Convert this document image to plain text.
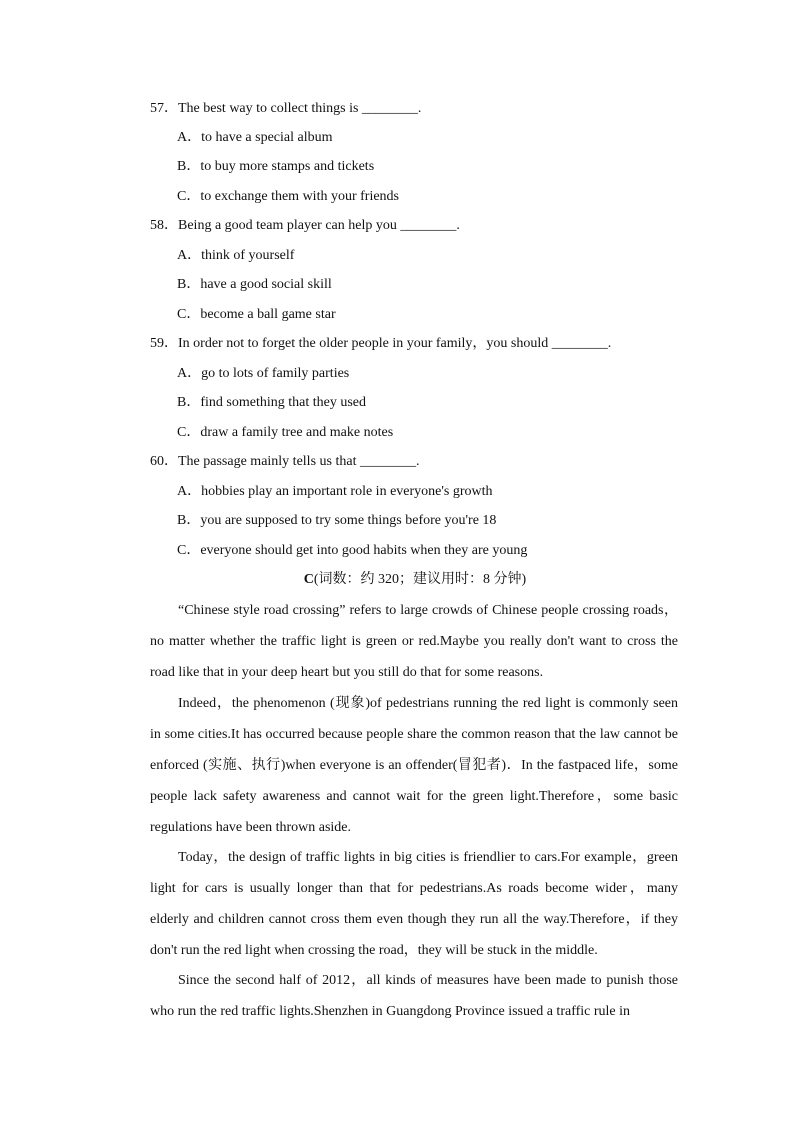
57．The best way to collect things is ________.
A．to have a special album
B．to buy more stamps and tickets
C．to exchange them with your friends
58．Being a good team player can help you ________.
A．think of yourself
B．have a good social skill
C．become a ball game star
59．In order not to forget the older people in your family，you should ________.
A．go to lots of family parties
B．find something that they used
C．draw a family tree and make notes
60．The passage mainly tells us that ________.
A．hobbies play an important role in everyone's growth
B．you are supposed to try some things before you're 18
C．everyone should get into good habits when they are young
C(词数：约 320；建议用时：8 分钟)
“Chinese style road crossing” refers to large crowds of Chinese people crossing roads，no matter whether the traffic light is green or red.Maybe you really don't want to cross the road like that in your deep heart but you still do that for some reasons.
Indeed，the phenomenon (现象)of pedestrians running the red light is commonly seen in some cities.It has occurred because people share the common reason that the law cannot be enforced (实施、执行)when everyone is an offender(冒犯者)．In the fastpaced life，some people lack safety awareness and cannot wait for the green light.Therefore，some basic regulations have been thrown aside.
Today，the design of traffic lights in big cities is friendlier to cars.For example，green light for cars is usually longer than that for pedestrians.As roads become wider，many elderly and children cannot cross them even though they run all the way.Therefore，if they don't run the red light when crossing the road，they will be stuck in the middle.
Since the second half of 2012，all kinds of measures have been made to punish those who run the red traffic lights.Shenzhen in Guangdong Province issued a traffic rule in
